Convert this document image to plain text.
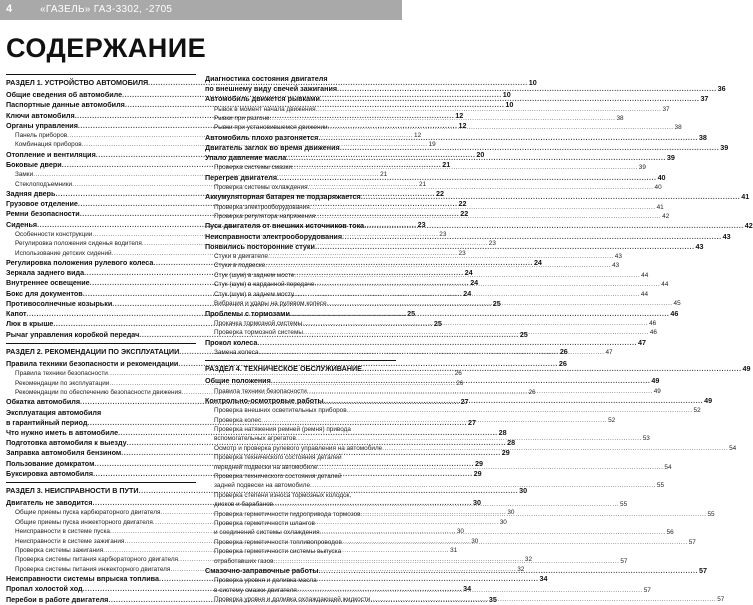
4	«ГАЗЕЛЬ» ГАЗ-3302, -2705
СОДЕРЖАНИЕ
РАЗДЕЛ 1. УСТРОЙСТВО АВТОМОБИЛЯ .....	10
Общие сведения об автомобиле .....	10
Паспортные данные автомобиля .....	10
Ключи автомобиля .....	12
Органы управления .....	12
Панель приборов .....	12
Комбинация приборов .....	19
Отопление и вентиляция .....	20
Боковые двери .....	21
Замки .....	21
Стеклоподъемники .....	21
Задняя дверь .....	22
Грузовое отделение .....	22
Ремни безопасности .....	22
Сиденья .....	23
Особенности конструкции .....	23
Регулировка положения сиденья водителя .....	23
Использование детских сидений .....	23
Регулировка положения рулевого колеса .....	24
Зеркала заднего вида .....	24
Внутреннее освещение .....	24
Бокс для документов .....	24
Противосолнечные козырьки .....	25
Капот .....	25
Люк в крыше .....	25
Рычаг управления коробкой передач .....	25
РАЗДЕЛ 2. РЕКОМЕНДАЦИИ ПО ЭКСПЛУАТАЦИИ .....	26
Правила техники безопасности и рекомендации .....	26
Правила техники безопасности .....	26
Рекомендации по эксплуатации .....	26
Рекомендации по обеспечению безопасности движения .....	26
Обкатка автомобиля .....	27
Эксплуатация автомобиля
в гарантийный период .....	27
Что нужно иметь в автомобиле .....	28
Подготовка автомобиля к выезду .....	28
Заправка автомобиля бензином .....	29
Пользование домкратом .....	29
Буксировка автомобиля .....	29
РАЗДЕЛ 3. НЕИСПРАВНОСТИ В ПУТИ .....	30
Двигатель не заводится .....	30
Общие приемы пуска карбюраторного двигателя .....	30
Общие приемы пуска инжекторного двигателя .....	30
Неисправности в системе пуска .....	30
Неисправности в системе зажигания .....	30
Проверка системы зажигания .....	31
Проверка системы питания карбюраторного двигателя .....	32
Проверка системы питания инжекторного двигателя .....	32
Неисправности системы впрыска топлива .....	34
Пропал холостой ход .....	34
Перебои в работе двигателя .....	35
Диагностика состояния двигателя
по внешнему виду свечей зажигания .....	36
Автомобиль движется рывками .....	37
Рывок в момент начала движения .....	37
Рывки при разгоне .....	38
Рывки при установившемся движении .....	38
Автомобиль плохо разгоняется .....	38
Двигатель заглох во время движения .....	39
Упало давление масла .....	39
Проверка системы смазки .....	39
Перегрев двигателя .....	40
Проверка системы охлаждения .....	40
Аккумуляторная батарея не подзаряжается .....	41
Проверка электрооборудования .....	41
Проверка регулятора напряжения .....	42
Пуск двигателя от внешних источников тока .....	42
Неисправности электрооборудования .....	43
Появились посторонние стуки .....	43
Стуки в двигателе .....	43
Стуки в подвеске .....	43
Стук (шум) в заднем мосте .....	44
Стук (шум) в карданной передаче .....	44
Стук (шум) в заднем мосту .....	44
Вибрация и удары на рулевом колесе .....	45
Проблемы с тормозами .....	46
Прокачка тормозной системы .....	46
Проверка тормозной системы .....	46
Прокол колеса .....	47
Замена колеса .....	47
РАЗДЕЛ 4. ТЕХНИЧЕСКОЕ ОБСЛУЖИВАНИЕ .....	49
Общие положения .....	49
Правила техники безопасности .....	49
Контрольно-осмотровые работы .....	49
Проверка внешних осветительных приборов .....	52
Проверка колес .....	52
Проверка натяжения ремней (ремня) привода
вспомогательных агрегатов .....	53
Осмотр и проверка рулевого управления на автомобиле .....	54
Проверка технического состояния деталей
передней подвески на автомобиле .....	54
Проверка технического состояния деталей
задней подвески на автомобиле .....	55
Проверка степени износа тормозных колодок,
дисков и барабанов .....	55
Проверка герметичности гидропривода тормозов .....	55
Проверка герметичности шлангов
и соединений системы охлаждения .....	56
Проверка герметичности топливопроводов .....	57
Проверка герметичности системы выпуска
отработавших газов .....	57
Смазочно-заправочные работы .....	57
Проверка уровня и доливка масла
в систему смазки двигателя .....	57
Проверка уровня и доливка охлаждающей жидкости .....	57
